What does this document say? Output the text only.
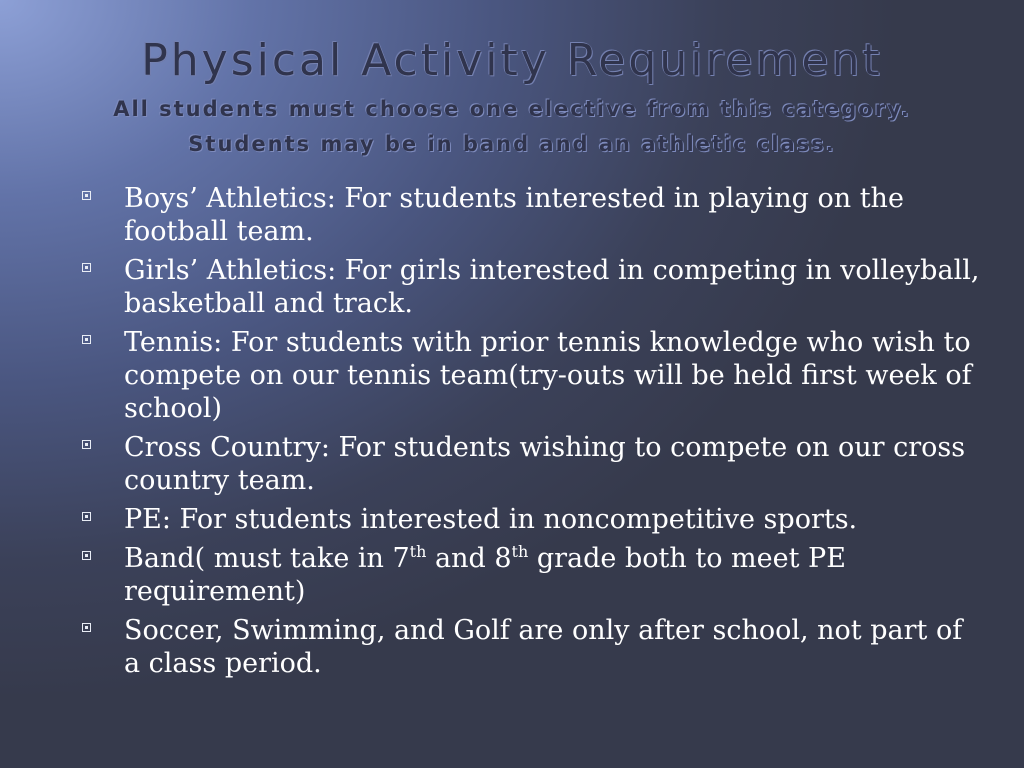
Physical Activity Requirement
All students must choose one elective from this category.
Students may be in band and an athletic class.
Boys’ Athletics: For students interested in playing on the football team.
Girls’ Athletics: For girls interested in competing in volleyball, basketball and track.
Tennis: For students with prior tennis knowledge who wish to compete on our tennis team(try-outs will be held first week of school)
Cross Country: For students wishing to compete on our cross country team.
PE: For students interested in noncompetitive sports.
Band( must take in 7th and 8th grade both to meet PE requirement)
Soccer, Swimming, and Golf are only after school, not part of a class period.
